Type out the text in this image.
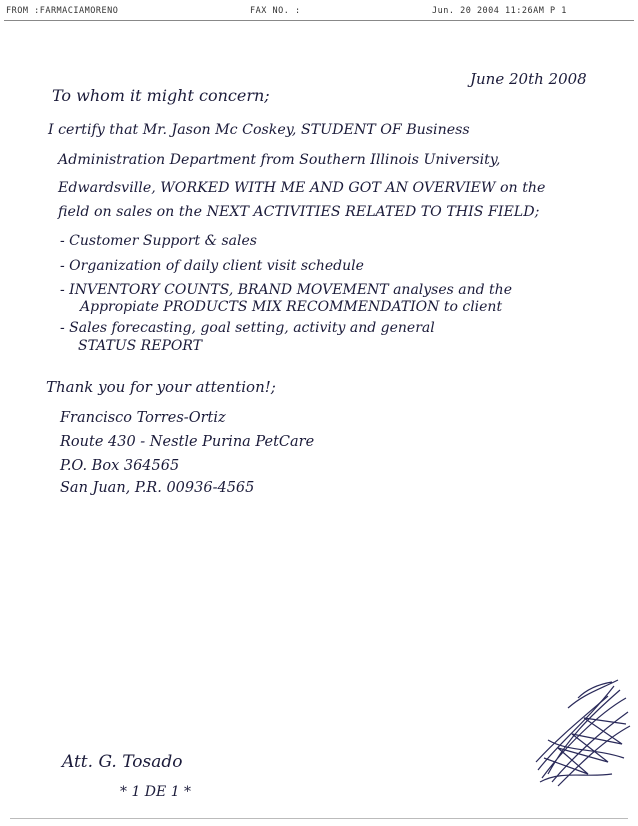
FROM :FARMACIAMORENO	FAX NO. :	Jun. 20 2004 11:26AM P 1
June 20th 2008
To whom it might concern;
I certify that Mr. Jason Mc Coskey, STUDENT OF Business
Administration Department from Southern Illinois University,
Edwardsville, WORKED WITH ME AND GOT AN OVERVIEW on the
field on sales on the NEXT ACTIVITIES RELATED TO THIS FIELD;
- Customer Support & sales
- Organization of daily client visit schedule
- INVENTORY COUNTS, BRAND MOVEMENT analyses and the
Appropiate PRODUCTS MIX RECOMMENDATION to client
- Sales forecasting, goal setting, activity and general
STATUS REPORT
Thank you for your attention!;
Francisco Torres-Ortiz
Route 430 - Nestle Purina PetCare
P.O. Box 364565
San Juan, P.R. 00936-4565
Att. G. Tosado
* 1 DE 1 *
